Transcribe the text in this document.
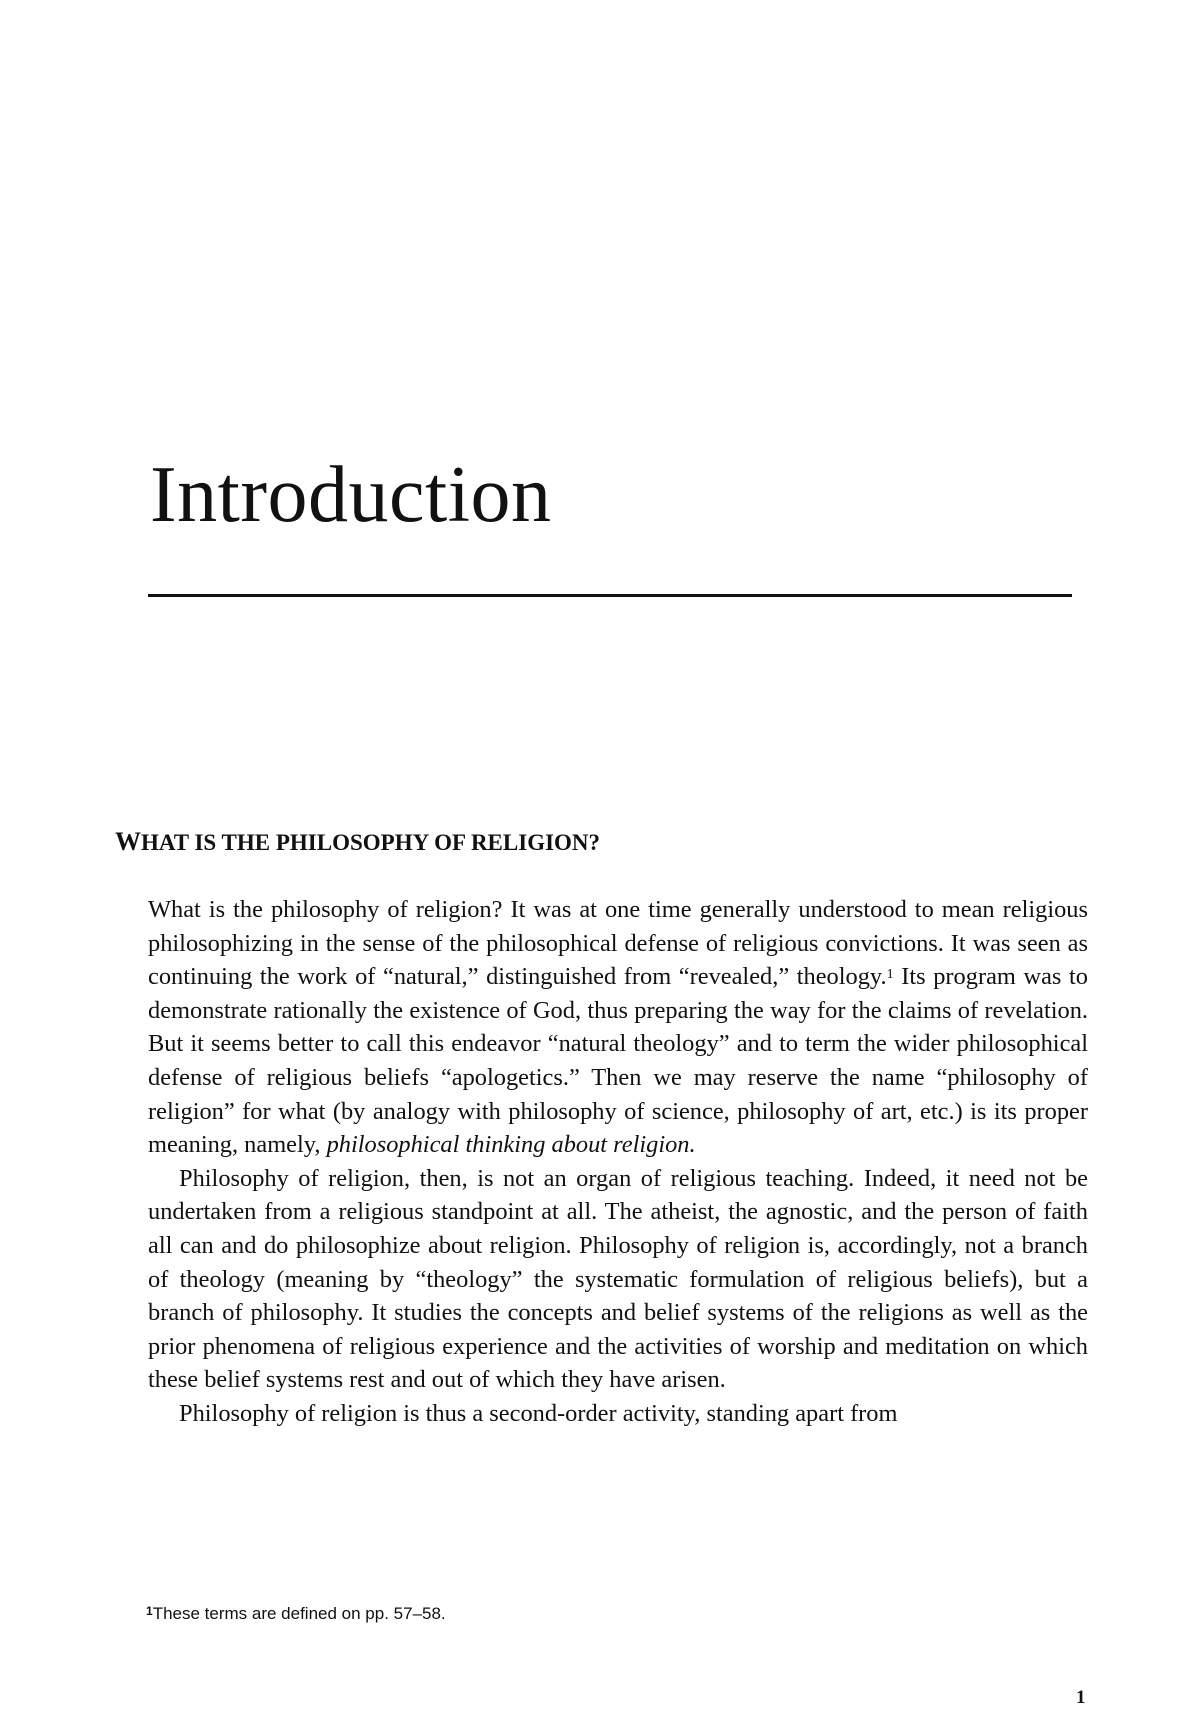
Introduction
WHAT IS THE PHILOSOPHY OF RELIGION?

What is the philosophy of religion? It was at one time generally understood to mean religious philosophizing in the sense of the philosophical defense of religious convictions. It was seen as continuing the work of “natural,” distinguished from “revealed,” theology.$^1$ Its program was to demonstrate rationally the existence of God, thus preparing the way for the claims of revelation. But it seems better to call this endeavor “natural theology” and to term the wider philosophical defense of religious beliefs “apologetics.” Then we may reserve the name “philosophy of religion” for what (by analogy with philosophy of science, philosophy of art, etc.) is its proper meaning, namely, philosophical thinking about religion.

Philosophy of religion, then, is not an organ of religious teaching. Indeed, it need not be undertaken from a religious standpoint at all. The atheist, the agnostic, and the person of faith all can and do philosophize about religion. Philosophy of religion is, accordingly, not a branch of theology (meaning by “theology” the systematic formulation of religious beliefs), but a branch of philosophy. It studies the concepts and belief systems of the religions as well as the prior phenomena of religious experience and the activities of worship and meditation on which these belief systems rest and out of which they have arisen.

Philosophy of religion is thus a second-order activity, standing apart from

$^1$These terms are defined on pp. 57–58.
1
